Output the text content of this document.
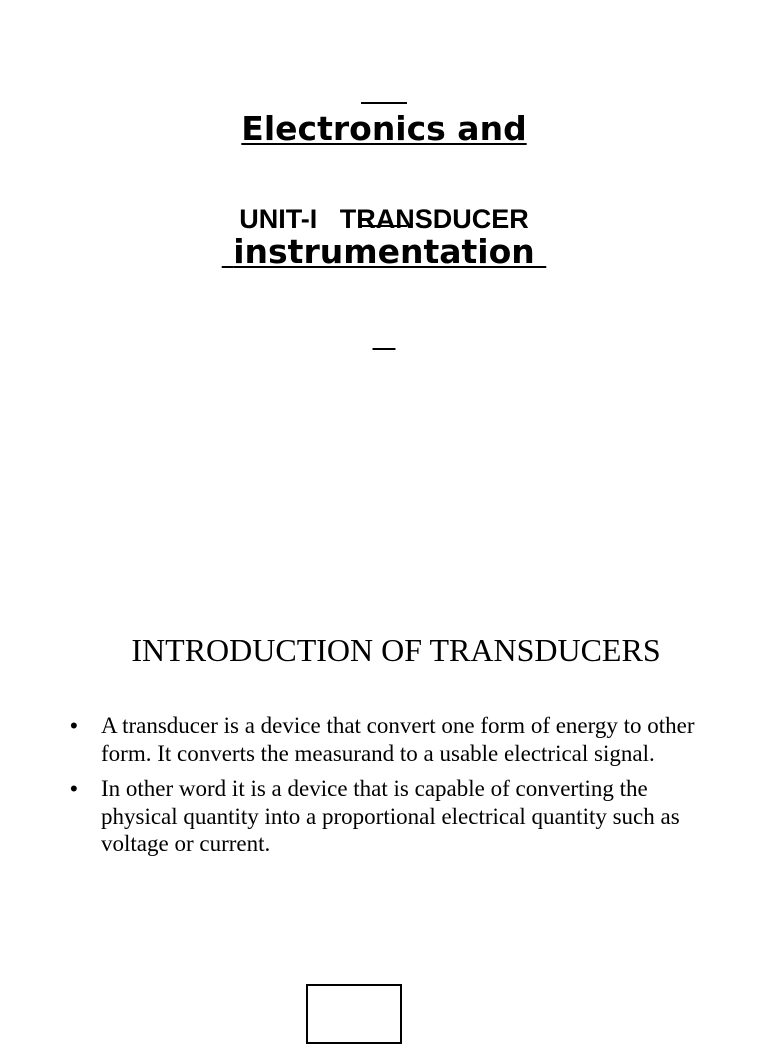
Electronics and

instrumentation

UNIT-I   TRANSDUCER
INTRODUCTION OF TRANSDUCERS
• A transducer is a device that convert one form of energy to other form. It converts the measurand to a usable electrical signal.
• In other word it is a device that is capable of converting the physical quantity into a proportional electrical quantity such as voltage or current.
